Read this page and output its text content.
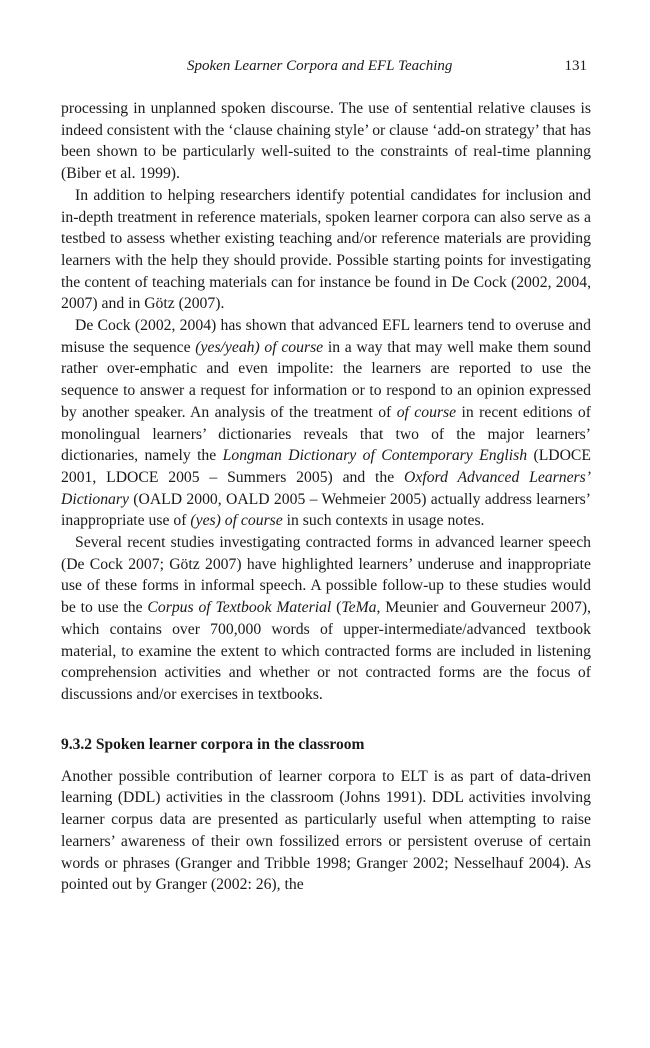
Spoken Learner Corpora and EFL Teaching	131

processing in unplanned spoken discourse. The use of sentential relative clauses is indeed consistent with the ‘clause chaining style’ or clause ‘add-on strategy’ that has been shown to be particularly well-suited to the constraints of real-time planning (Biber et al. 1999).

In addition to helping researchers identify potential candidates for inclusion and in-depth treatment in reference materials, spoken learner corpora can also serve as a testbed to assess whether existing teaching and/or reference materials are providing learners with the help they should provide. Possible starting points for investigating the content of teaching materials can for instance be found in De Cock (2002, 2004, 2007) and in Götz (2007).

De Cock (2002, 2004) has shown that advanced EFL learners tend to overuse and misuse the sequence (yes/yeah) of course in a way that may well make them sound rather over-emphatic and even impolite: the learners are reported to use the sequence to answer a request for information or to respond to an opinion expressed by another speaker. An analysis of the treatment of of course in recent editions of monolingual learners’ dictionaries reveals that two of the major learners’ dictionaries, namely the Longman Dictionary of Contemporary English (LDOCE 2001, LDOCE 2005 – Summers 2005) and the Oxford Advanced Learners’ Dictionary (OALD 2000, OALD 2005 – Wehmeier 2005) actually address learners’ inappropriate use of (yes) of course in such contexts in usage notes.

Several recent studies investigating contracted forms in advanced learner speech (De Cock 2007; Götz 2007) have highlighted learners’ underuse and inappropriate use of these forms in informal speech. A possible follow-up to these studies would be to use the Corpus of Textbook Material (TeMa, Meunier and Gouverneur 2007), which contains over 700,000 words of upper-intermediate/advanced textbook material, to examine the extent to which contracted forms are included in listening comprehension activities and whether or not contracted forms are the focus of discussions and/or exercises in textbooks.

9.3.2 Spoken learner corpora in the classroom

Another possible contribution of learner corpora to ELT is as part of data-driven learning (DDL) activities in the classroom (Johns 1991). DDL activities involving learner corpus data are presented as particularly useful when attempting to raise learners’ awareness of their own fossilized errors or persistent overuse of certain words or phrases (Granger and Tribble 1998; Granger 2002; Nesselhauf 2004). As pointed out by Granger (2002: 26), the
